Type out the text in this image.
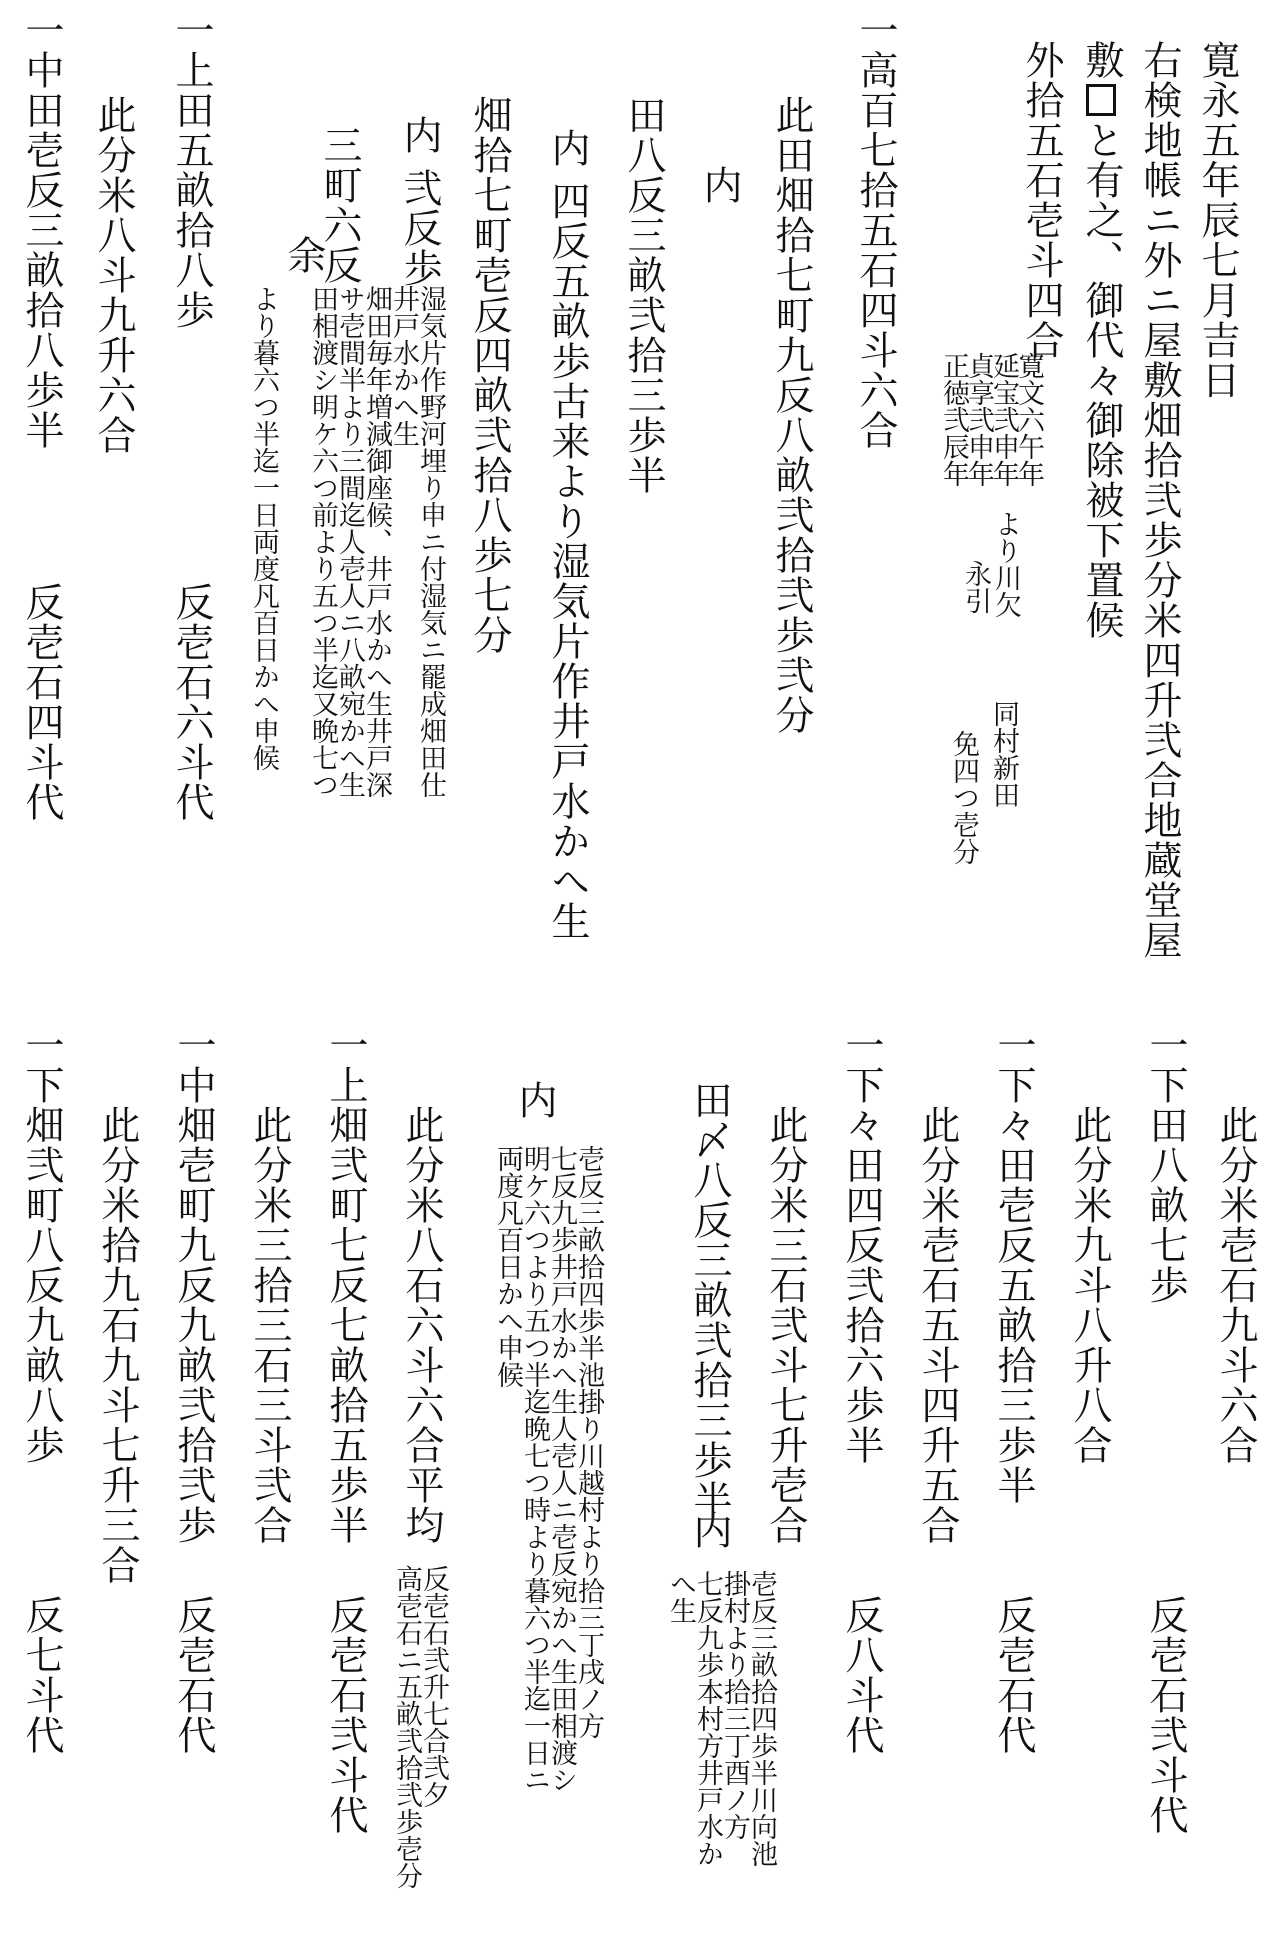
寛永五年辰七月吉日
右検地帳ニ外ニ屋敷畑拾弐歩分米四升弐合地蔵堂屋
敷と有之、御代々御除被下置候
外拾五石壱斗四合
寛文六午年
延宝弐申年
貞享弐申年
正徳弐辰年
より川欠
永引
同村新田
免四つ壱分
一高百七拾五石四斗六合
此田畑拾七町九反八畝弐拾弐歩弐分
内
田八反三畝弐拾三歩半
内 四反五畝歩古来より湿気片作井戸水かへ生
畑拾七町壱反四畝弐拾八歩七分
内 弐反歩
湿気片作野河埋り申ニ付湿気ニ罷成畑田仕
井戸水かへ生
三町六反
畑田毎年増減御座候、井戸水かへ生井戸深
サ壱間半より三間迄人壱人ニ八畝宛かへ生
余
田相渡シ明ケ六つ前より五つ半迄又晩七つ
より暮六つ半迄一日両度凡百日かへ申候
一上田五畝拾八歩
反壱石六斗代
此分米八斗九升六合
一中田壱反三畝拾八歩半
反壱石四斗代
此分米壱石九斗六合
一下田八畝七歩
反壱石弐斗代
此分米九斗八升八合
一下々田壱反五畝拾三歩半
反壱石代
此分米壱石五斗四升五合
一下々田四反弐拾六歩半
反八斗代
此分米三石弐斗七升壱合
田〆八反三畝弐拾三歩半
内
壱反三畝拾四歩半川向池
掛村より拾三丁酉ノ方
七反九歩本村方井戸水か
へ生
内
壱反三畝拾四歩半池掛り川越村より拾三丁戌ノ方
七反九歩井戸水かへ生人壱人ニ壱反宛かへ生田相渡シ
明ケ六つより五つ半迄晩七つ時より暮六つ半迄一日ニ
両度凡百日かへ申候
此分米八石六斗六合
平均
反壱石弐升七合弐夕
高壱石ニ五畝弐拾弐歩壱分
一上畑弐町七反七畝拾五歩半
反壱石弐斗代
此分米三拾三石三斗弐合
一中畑壱町九反九畝弐拾弐歩
反壱石代
此分米拾九石九斗七升三合
一下畑弐町八反九畝八歩
反七斗代
